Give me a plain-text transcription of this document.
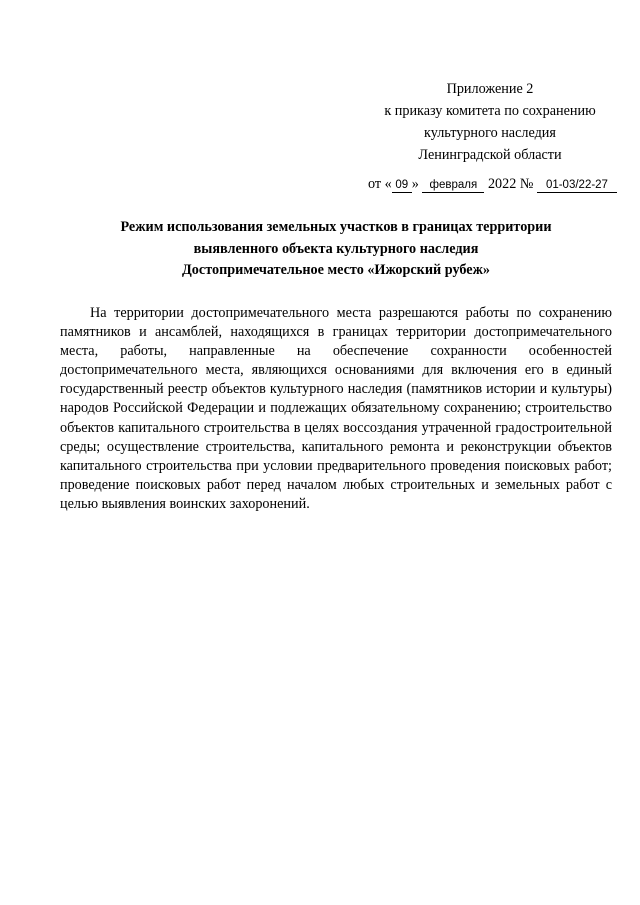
Приложение 2
к приказу комитета по сохранению
культурного наследия
Ленинградской области
от « 09 » февраля 2022 № 01-03/22-27
Режим использования земельных участков в границах территории
выявленного объекта культурного наследия
Достопримечательное место «Ижорский рубеж»

На территории достопримечательного места разрешаются работы по сохранению памятников и ансамблей, находящихся в границах территории достопримечательного места, работы, направленные на обеспечение сохранности особенностей достопримечательного места, являющихся основаниями для включения его в единый государственный реестр объектов культурного наследия (памятников истории и культуры) народов Российской Федерации и подлежащих обязательному сохранению; строительство объектов капитального строительства в целях воссоздания утраченной градостроительной среды; осуществление строительства, капитального ремонта и реконструкции объектов капитального строительства при условии предварительного проведения поисковых работ; проведение поисковых работ перед началом любых строительных и земельных работ с целью выявления воинских захоронений.
